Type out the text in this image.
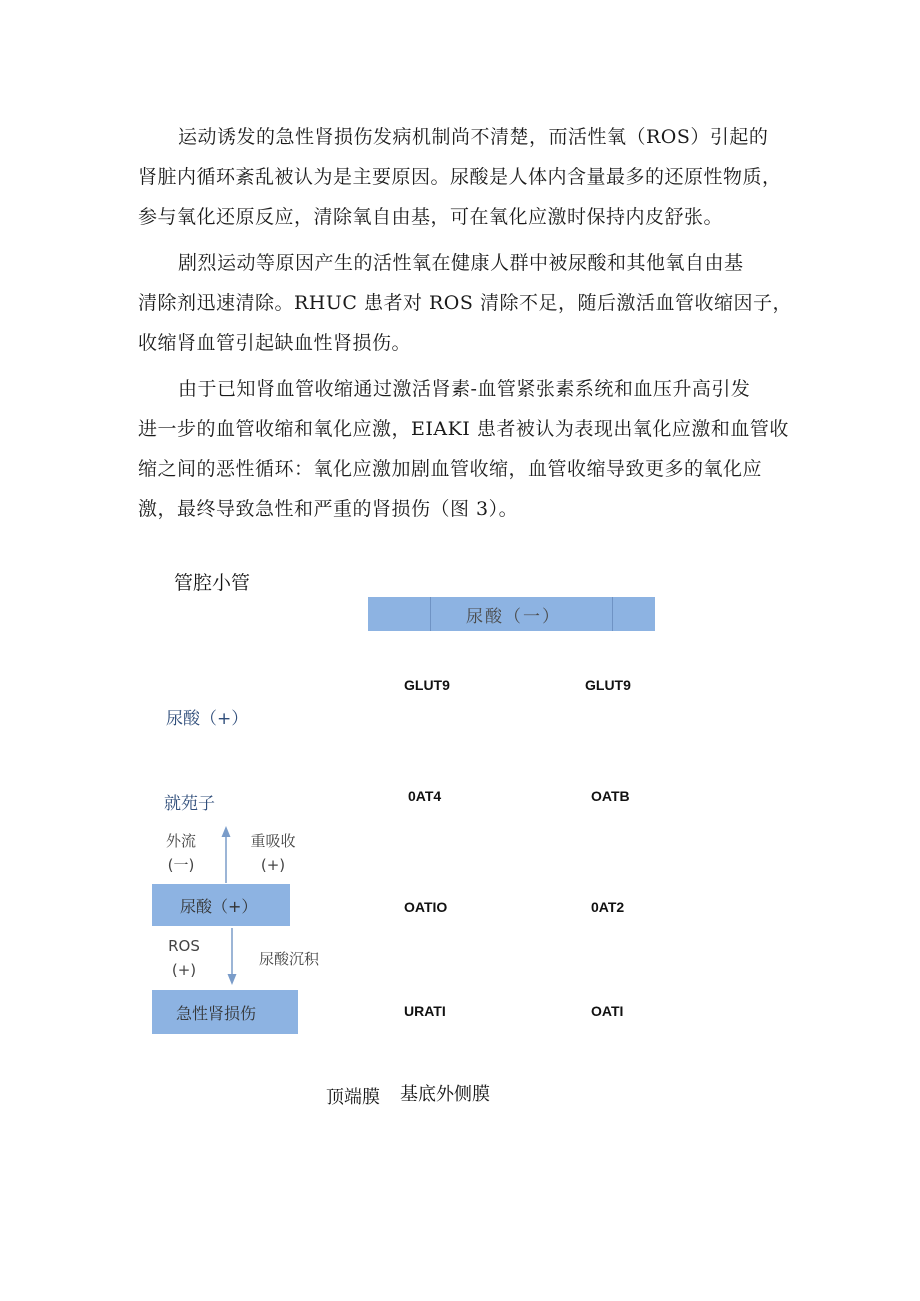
运动诱发的急性肾损伤发病机制尚不清楚，而活性氧（ROS）引起的
肾脏内循环紊乱被认为是主要原因。尿酸是人体内含量最多的还原性物质，
参与氧化还原反应，清除氧自由基，可在氧化应激时保持内皮舒张。
剧烈运动等原因产生的活性氧在健康人群中被尿酸和其他氧自由基
清除剂迅速清除。RHUC 患者对 ROS 清除不足，随后激活血管收缩因子，
收缩肾血管引起缺血性肾损伤。
由于已知肾血管收缩通过激活肾素-血管紧张素系统和血压升高引发
进一步的血管收缩和氧化应激，EIAKI 患者被认为表现出氧化应激和血管收
缩之间的恶性循环：氧化应激加剧血管收缩，血管收缩导致更多的氧化应
激，最终导致急性和严重的肾损伤（图 3）。
管腔小管
尿酸（一）
尿酸（+）
就苑子
外流
(一)
重吸收
(+)
尿酸（+）
ROS
(+)
尿酸沉积
急性肾损伤
GLUT9
0AT4
OATIO
URATI
GLUT9
OATB
0AT2
OATI
顶端膜 基底外侧膜
